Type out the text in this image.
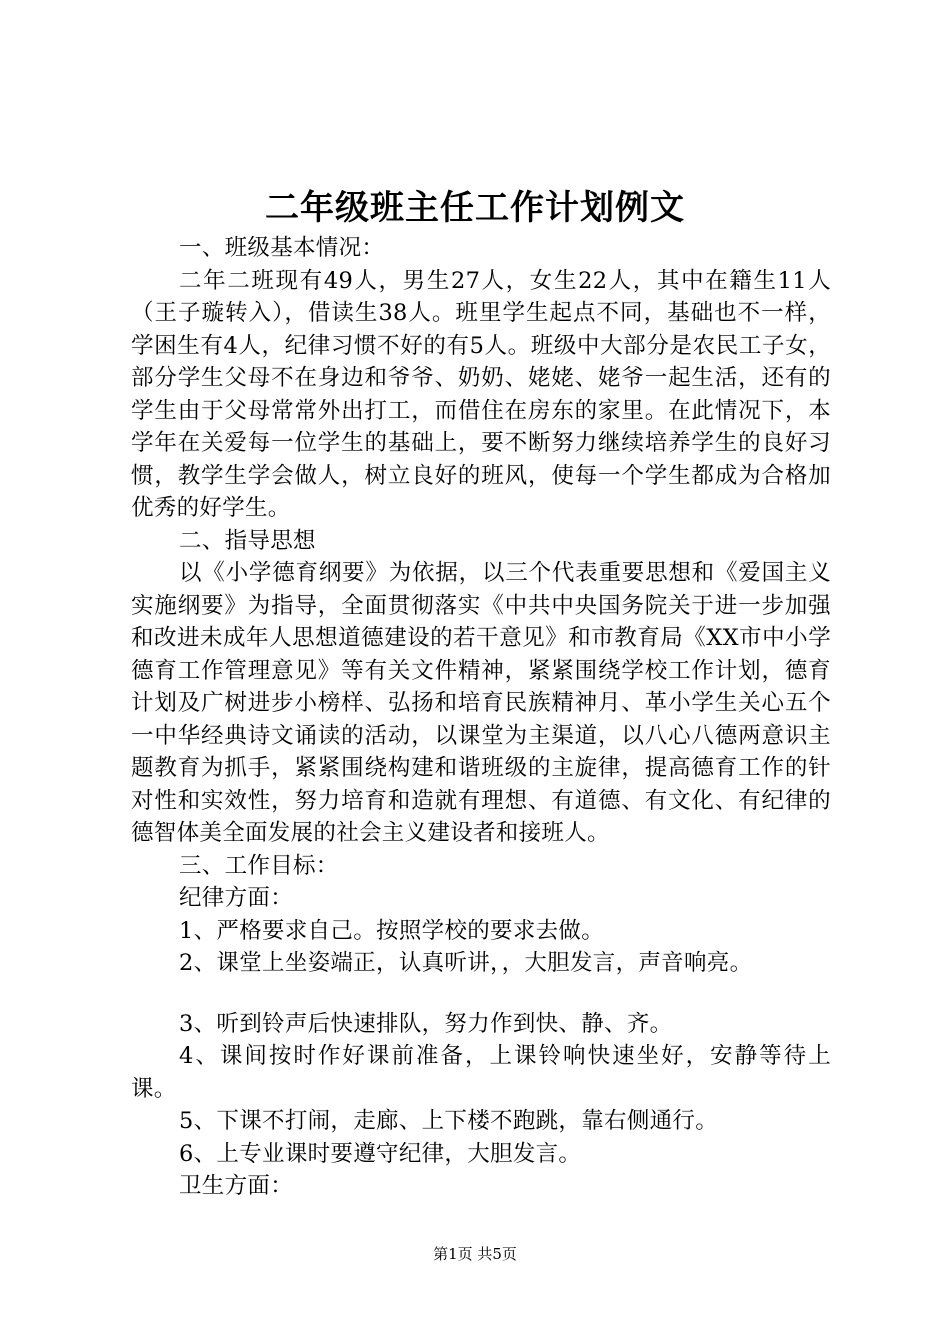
二年级班主任工作计划例文

一、班级基本情况：

二年二班现有49人，男生27人，女生22人，其中在籍生11人（王子璇转入），借读生38人。班里学生起点不同，基础也不一样，学困生有4人，纪律习惯不好的有5人。班级中大部分是农民工子女，部分学生父母不在身边和爷爷、奶奶、姥姥、姥爷一起生活，还有的学生由于父母常常外出打工，而借住在房东的家里。在此情况下，本学年在关爱每一位学生的基础上，要不断努力继续培养学生的良好习惯，教学生学会做人，树立良好的班风，使每一个学生都成为合格加优秀的好学生。

二、指导思想

以《小学德育纲要》为依据，以三个代表重要思想和《爱国主义实施纲要》为指导，全面贯彻落实《中共中央国务院关于进一步加强和改进未成年人思想道德建设的若干意见》和市教育局《XX市中小学德育工作管理意见》等有关文件精神，紧紧围绕学校工作计划，德育计划及广树进步小榜样、弘扬和培育民族精神月、革小学生关心五个一中华经典诗文诵读的活动，以课堂为主渠道，以八心八德两意识主题教育为抓手，紧紧围绕构建和谐班级的主旋律，提高德育工作的针对性和实效性，努力培育和造就有理想、有道德、有文化、有纪律的德智体美全面发展的社会主义建设者和接班人。

三、工作目标：

纪律方面：

1、严格要求自己。按照学校的要求去做。

2、课堂上坐姿端正，认真听讲，，大胆发言，声音响亮。

3、听到铃声后快速排队，努力作到快、静、齐。

4、课间按时作好课前准备，上课铃响快速坐好，安静等待上课。

5、下课不打闹，走廊、上下楼不跑跳，靠右侧通行。

6、上专业课时要遵守纪律，大胆发言。

卫生方面：

第1页 共5页
